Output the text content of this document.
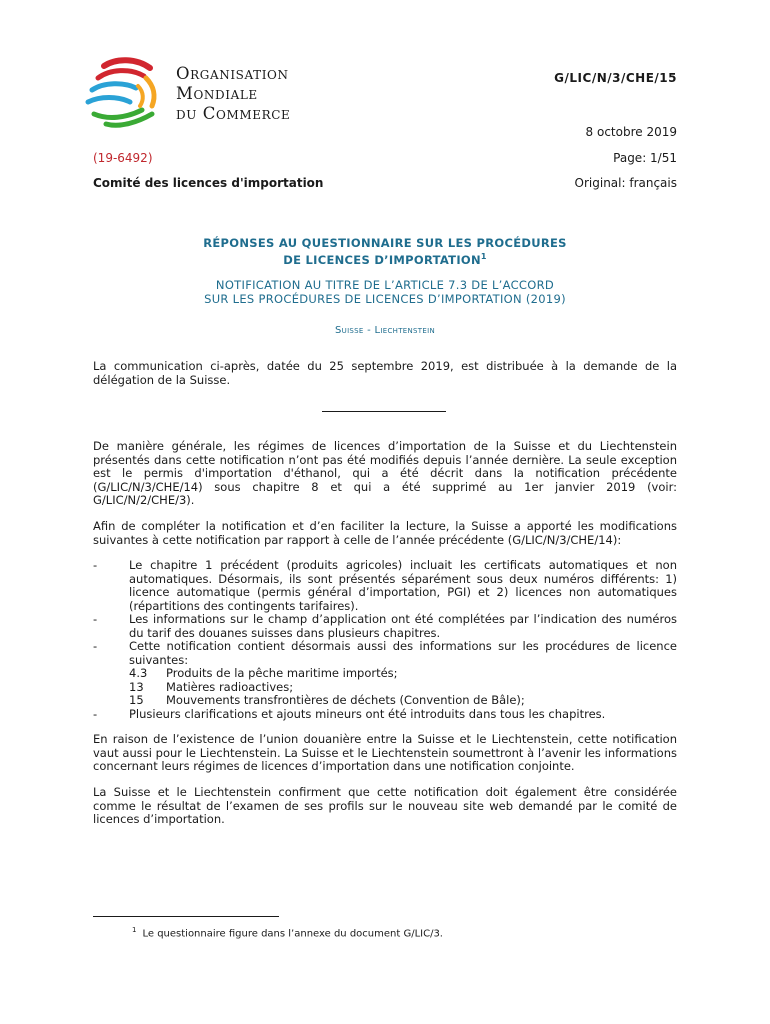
Organisation
Mondiale
du Commerce
G/LIC/N/3/CHE/15
8 octobre 2019
(19-6492)	Page: 1/51
Comité des licences d'importation	Original: français
RÉPONSES AU QUESTIONNAIRE SUR LES PROCÉDURES
DE LICENCES D’IMPORTATION$^1$
NOTIFICATION AU TITRE DE L’ARTICLE 7.3 DE L’ACCORD
SUR LES PROCÉDURES DE LICENCES D’IMPORTATION (2019)
Suisse - Liechtenstein
La communication ci-après, datée du 25 septembre 2019, est distribuée à la demande de la délégation de la Suisse.
De manière générale, les régimes de licences d’importation de la Suisse et du Liechtenstein présentés dans cette notification n’ont pas été modifiés depuis l’année dernière. La seule exception est le permis d'importation d'éthanol, qui a été décrit dans la notification précédente (G/LIC/N/3/CHE/14) sous chapitre 8 et qui a été supprimé au 1er janvier 2019 (voir: G/LIC/N/2/CHE/3).
Afin de compléter la notification et d’en faciliter la lecture, la Suisse a apporté les modifications suivantes à cette notification par rapport à celle de l’année précédente (G/LIC/N/3/CHE/14):
-	Le chapitre 1 précédent (produits agricoles) incluait les certificats automatiques et non automatiques. Désormais, ils sont présentés séparément sous deux numéros différents: 1) licence automatique (permis général d’importation, PGI) et 2) licences non automatiques (répartitions des contingents tarifaires).
-	Les informations sur le champ d’application ont été complétées par l’indication des numéros du tarif des douanes suisses dans plusieurs chapitres.
-	Cette notification contient désormais aussi des informations sur les procédures de licence suivantes:
4.3	Produits de la pêche maritime importés;
13	Matières radioactives;
15	Mouvements transfrontières de déchets (Convention de Bâle);
-	Plusieurs clarifications et ajouts mineurs ont été introduits dans tous les chapitres.
En raison de l’existence de l’union douanière entre la Suisse et le Liechtenstein, cette notification vaut aussi pour le Liechtenstein. La Suisse et le Liechtenstein soumettront à l’avenir les informations concernant leurs régimes de licences d’importation dans une notification conjointe.
La Suisse et le Liechtenstein confirment que cette notification doit également être considérée comme le résultat de l’examen de ses profils sur le nouveau site web demandé par le comité de licences d’importation.
$^1$ Le questionnaire figure dans l’annexe du document G/LIC/3.
